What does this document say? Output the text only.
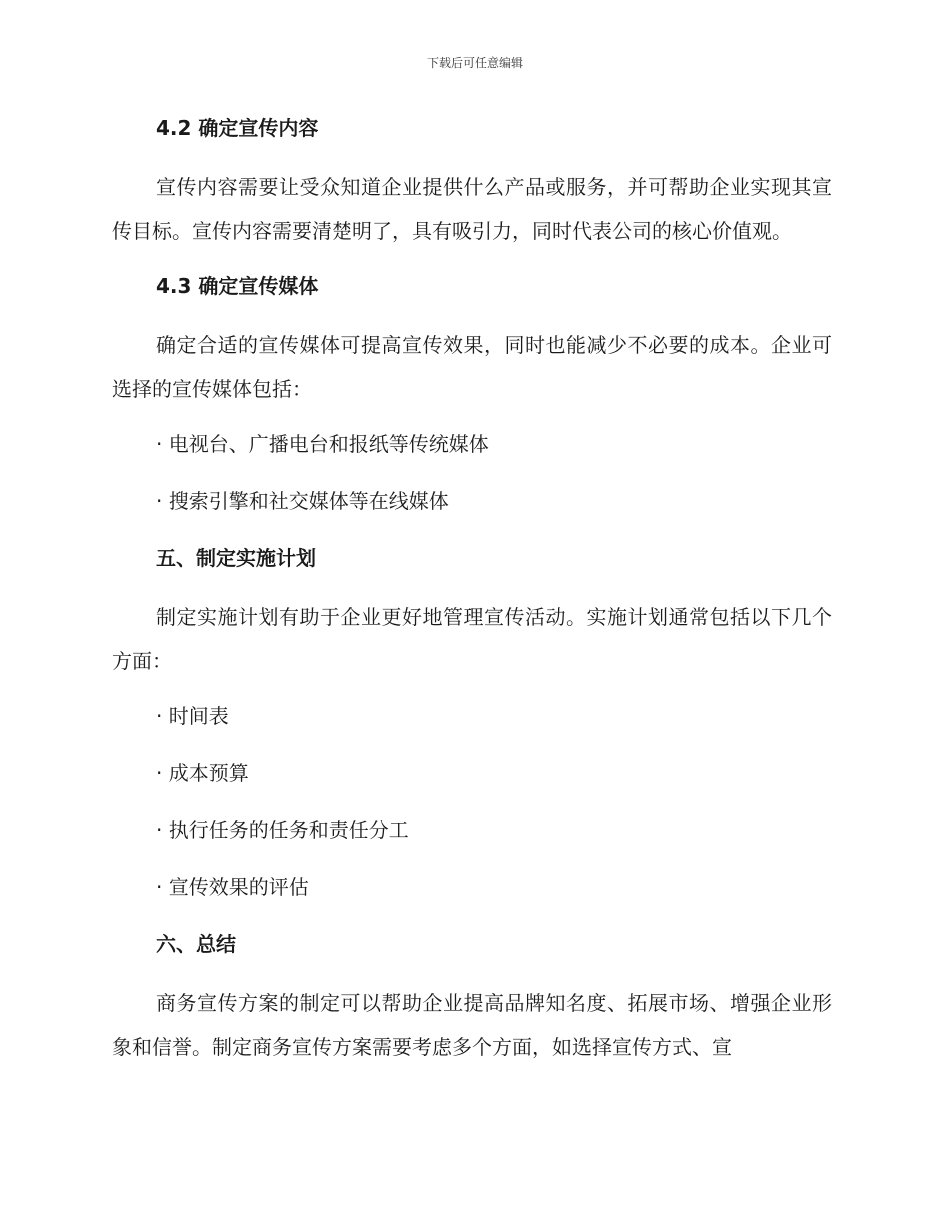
下载后可任意编辑
4.2 确定宣传内容
宣传内容需要让受众知道企业提供什么产品或服务，并可帮助企业实现其宣传目标。宣传内容需要清楚明了，具有吸引力，同时代表公司的核心价值观。
4.3 确定宣传媒体
确定合适的宣传媒体可提高宣传效果，同时也能减少不必要的成本。企业可选择的宣传媒体包括：
· 电视台、广播电台和报纸等传统媒体
· 搜索引擎和社交媒体等在线媒体
五、制定实施计划
制定实施计划有助于企业更好地管理宣传活动。实施计划通常包括以下几个方面：
· 时间表
· 成本预算
· 执行任务的任务和责任分工
· 宣传效果的评估
六、总结
商务宣传方案的制定可以帮助企业提高品牌知名度、拓展市场、增强企业形象和信誉。制定商务宣传方案需要考虑多个方面，如选择宣传方式、宣
